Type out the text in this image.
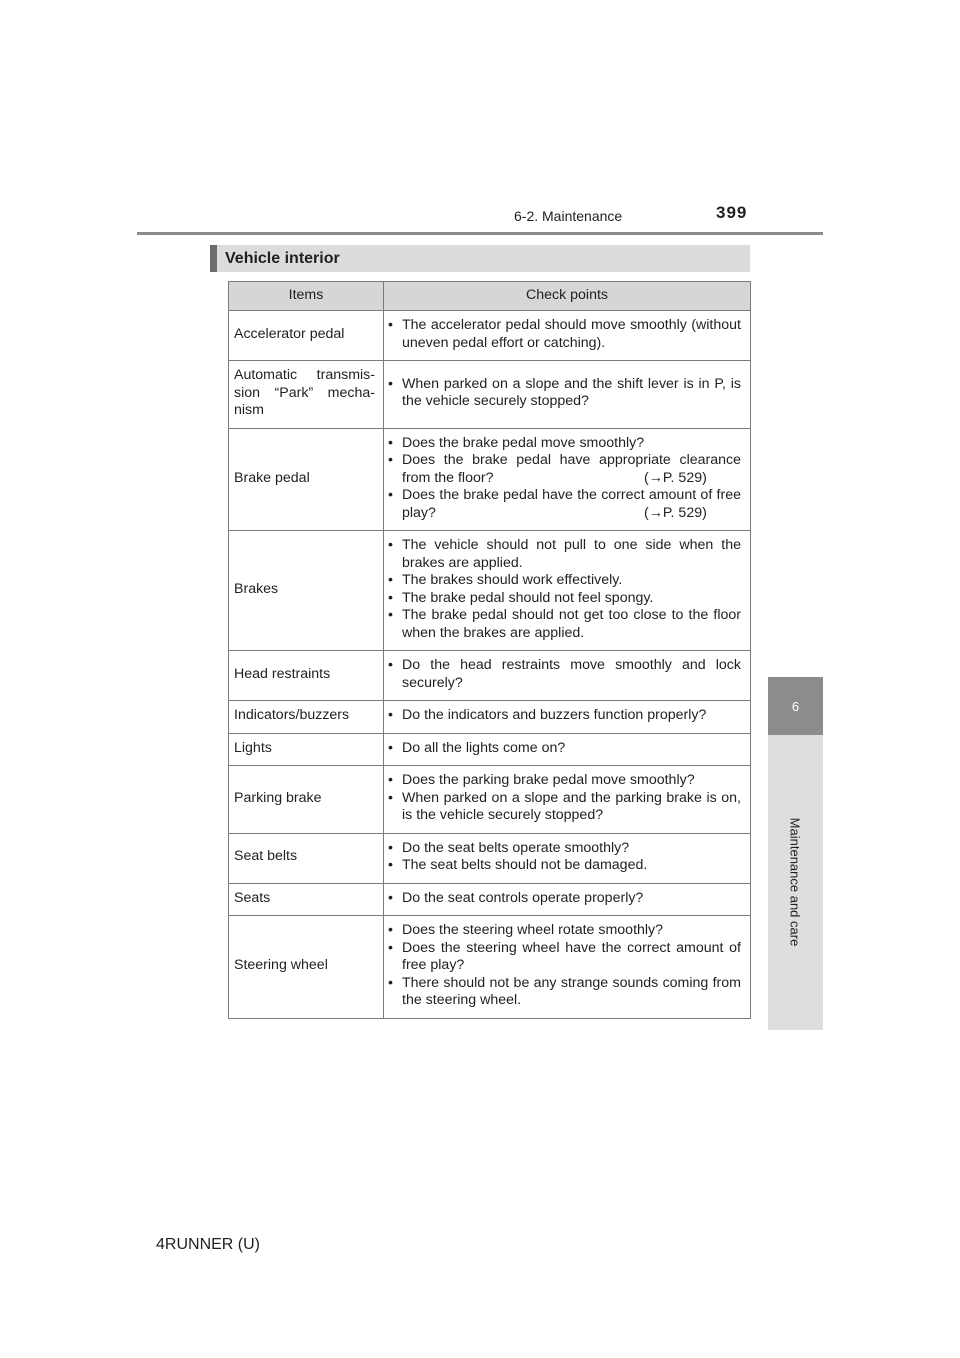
6-2. Maintenance	399
6
Maintenance and care
Vehicle interior
Items	Check points
Accelerator pedal	• The accelerator pedal should move smoothly (without uneven pedal effort or catching).

Automatic transmis-sion “Park” mecha-nism	• When parked on a slope and the shift lever is in P, is the vehicle securely stopped?

Brake pedal	• Does the brake pedal move smoothly?
• Does the brake pedal have appropriate clearance from the floor? (→P. 529)
• Does the brake pedal have the correct amount of free play? (→P. 529)

Brakes	• The vehicle should not pull to one side when the brakes are applied.
• The brakes should work effectively.
• The brake pedal should not feel spongy.
• The brake pedal should not get too close to the floor when the brakes are applied.

Head restraints	• Do the head restraints move smoothly and lock securely?

Indicators/buzzers	• Do the indicators and buzzers function properly?

Lights	• Do all the lights come on?

Parking brake	• Does the parking brake pedal move smoothly?
• When parked on a slope and the parking brake is on, is the vehicle securely stopped?

Seat belts	• Do the seat belts operate smoothly?
• The seat belts should not be damaged.

Seats	• Do the seat controls operate properly?

Steering wheel	• Does the steering wheel rotate smoothly?
• Does the steering wheel have the correct amount of free play?
• There should not be any strange sounds coming from the steering wheel.
4RUNNER (U)
